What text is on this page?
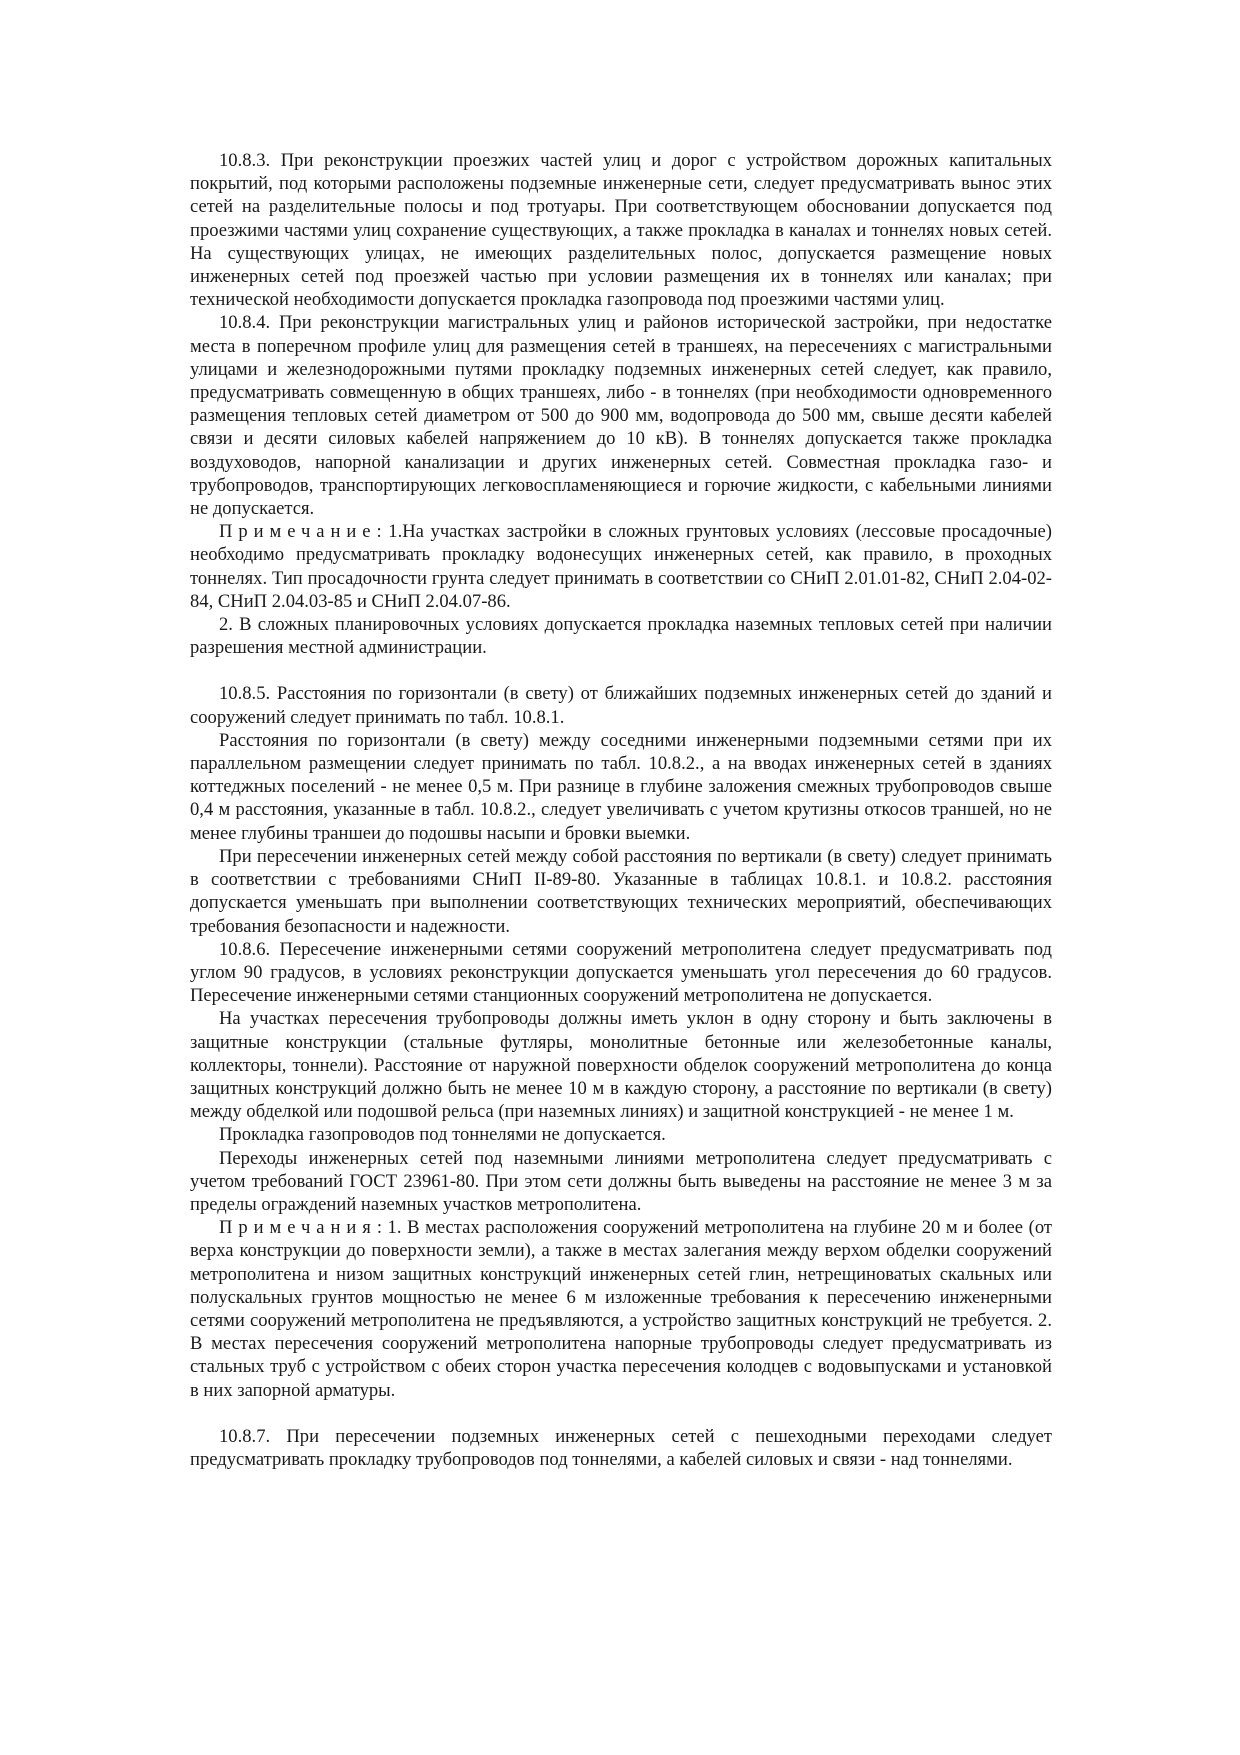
10.8.3. При реконструкции проезжих частей улиц и дорог с устройством дорожных капитальных покрытий, под которыми расположены подземные инженерные сети, следует предусматривать вынос этих сетей на разделительные полосы и под тротуары. При соответствующем обосновании допускается под проезжими частями улиц сохранение существующих, а также прокладка в каналах и тоннелях новых сетей. На существующих улицах, не имеющих разделительных полос, допускается размещение новых инженерных сетей под проезжей частью при условии размещения их в тоннелях или каналах; при технической необходимости допускается прокладка газопровода под проезжими частями улиц.

10.8.4. При реконструкции магистральных улиц и районов исторической застройки, при недостатке места в поперечном профиле улиц для размещения сетей в траншеях, на пересечениях с магистральными улицами и железнодорожными путями прокладку подземных инженерных сетей следует, как правило, предусматривать совмещенную в общих траншеях, либо - в тоннелях (при необходимости одновременного размещения тепловых сетей диаметром от 500 до 900 мм, водопровода до 500 мм, свыше десяти кабелей связи и десяти силовых кабелей напряжением до 10 кВ). В тоннелях допускается также прокладка воздуховодов, напорной канализации и других инженерных сетей. Совместная прокладка газо- и трубопроводов, транспортирующих легковоспламеняющиеся и горючие жидкости, с кабельными линиями не допускается.

Примечание: 1.На участках застройки в сложных грунтовых условиях (лессовые просадочные) необходимо предусматривать прокладку водонесущих инженерных сетей, как правило, в проходных тоннелях. Тип просадочности грунта следует принимать в соответствии со СНиП 2.01.01-82, СНиП 2.04-02-84, СНиП 2.04.03-85 и СНиП 2.04.07-86.

2. В сложных планировочных условиях допускается прокладка наземных тепловых сетей при наличии разрешения местной администрации.

10.8.5. Расстояния по горизонтали (в свету) от ближайших подземных инженерных сетей до зданий и сооружений следует принимать по табл. 10.8.1.

Расстояния по горизонтали (в свету) между соседними инженерными подземными сетями при их параллельном размещении следует принимать по табл. 10.8.2., а на вводах инженерных сетей в зданиях коттеджных поселений - не менее 0,5 м. При разнице в глубине заложения смежных трубопроводов свыше 0,4 м расстояния, указанные в табл. 10.8.2., следует увеличивать с учетом крутизны откосов траншей, но не менее глубины траншеи до подошвы насыпи и бровки выемки.

При пересечении инженерных сетей между собой расстояния по вертикали (в свету) следует принимать в соответствии с требованиями СНиП II-89-80. Указанные в таблицах 10.8.1. и 10.8.2. расстояния допускается уменьшать при выполнении соответствующих технических мероприятий, обеспечивающих требования безопасности и надежности.

10.8.6. Пересечение инженерными сетями сооружений метрополитена следует предусматривать под углом 90 градусов, в условиях реконструкции допускается уменьшать угол пересечения до 60 градусов. Пересечение инженерными сетями станционных сооружений метрополитена не допускается.

На участках пересечения трубопроводы должны иметь уклон в одну сторону и быть заключены в защитные конструкции (стальные футляры, монолитные бетонные или железобетонные каналы, коллекторы, тоннели). Расстояние от наружной поверхности обделок сооружений метрополитена до конца защитных конструкций должно быть не менее 10 м в каждую сторону, а расстояние по вертикали (в свету) между обделкой или подошвой рельса (при наземных линиях) и защитной конструкцией - не менее 1 м.

Прокладка газопроводов под тоннелями не допускается.

Переходы инженерных сетей под наземными линиями метрополитена следует предусматривать с учетом требований ГОСТ 23961-80. При этом сети должны быть выведены на расстояние не менее 3 м за пределы ограждений наземных участков метрополитена.

Примечания: 1. В местах расположения сооружений метрополитена на глубине 20 м и более (от верха конструкции до поверхности земли), а также в местах залегания между верхом обделки сооружений метрополитена и низом защитных конструкций инженерных сетей глин, нетрещиноватых скальных или полускальных грунтов мощностью не менее 6 м изложенные требования к пересечению инженерными сетями сооружений метрополитена не предъявляются, а устройство защитных конструкций не требуется. 2. В местах пересечения сооружений метрополитена напорные трубопроводы следует предусматривать из стальных труб с устройством с обеих сторон участка пересечения колодцев с водовыпусками и установкой в них запорной арматуры.

10.8.7. При пересечении подземных инженерных сетей с пешеходными переходами следует предусматривать прокладку трубопроводов под тоннелями, а кабелей силовых и связи - над тоннелями.
